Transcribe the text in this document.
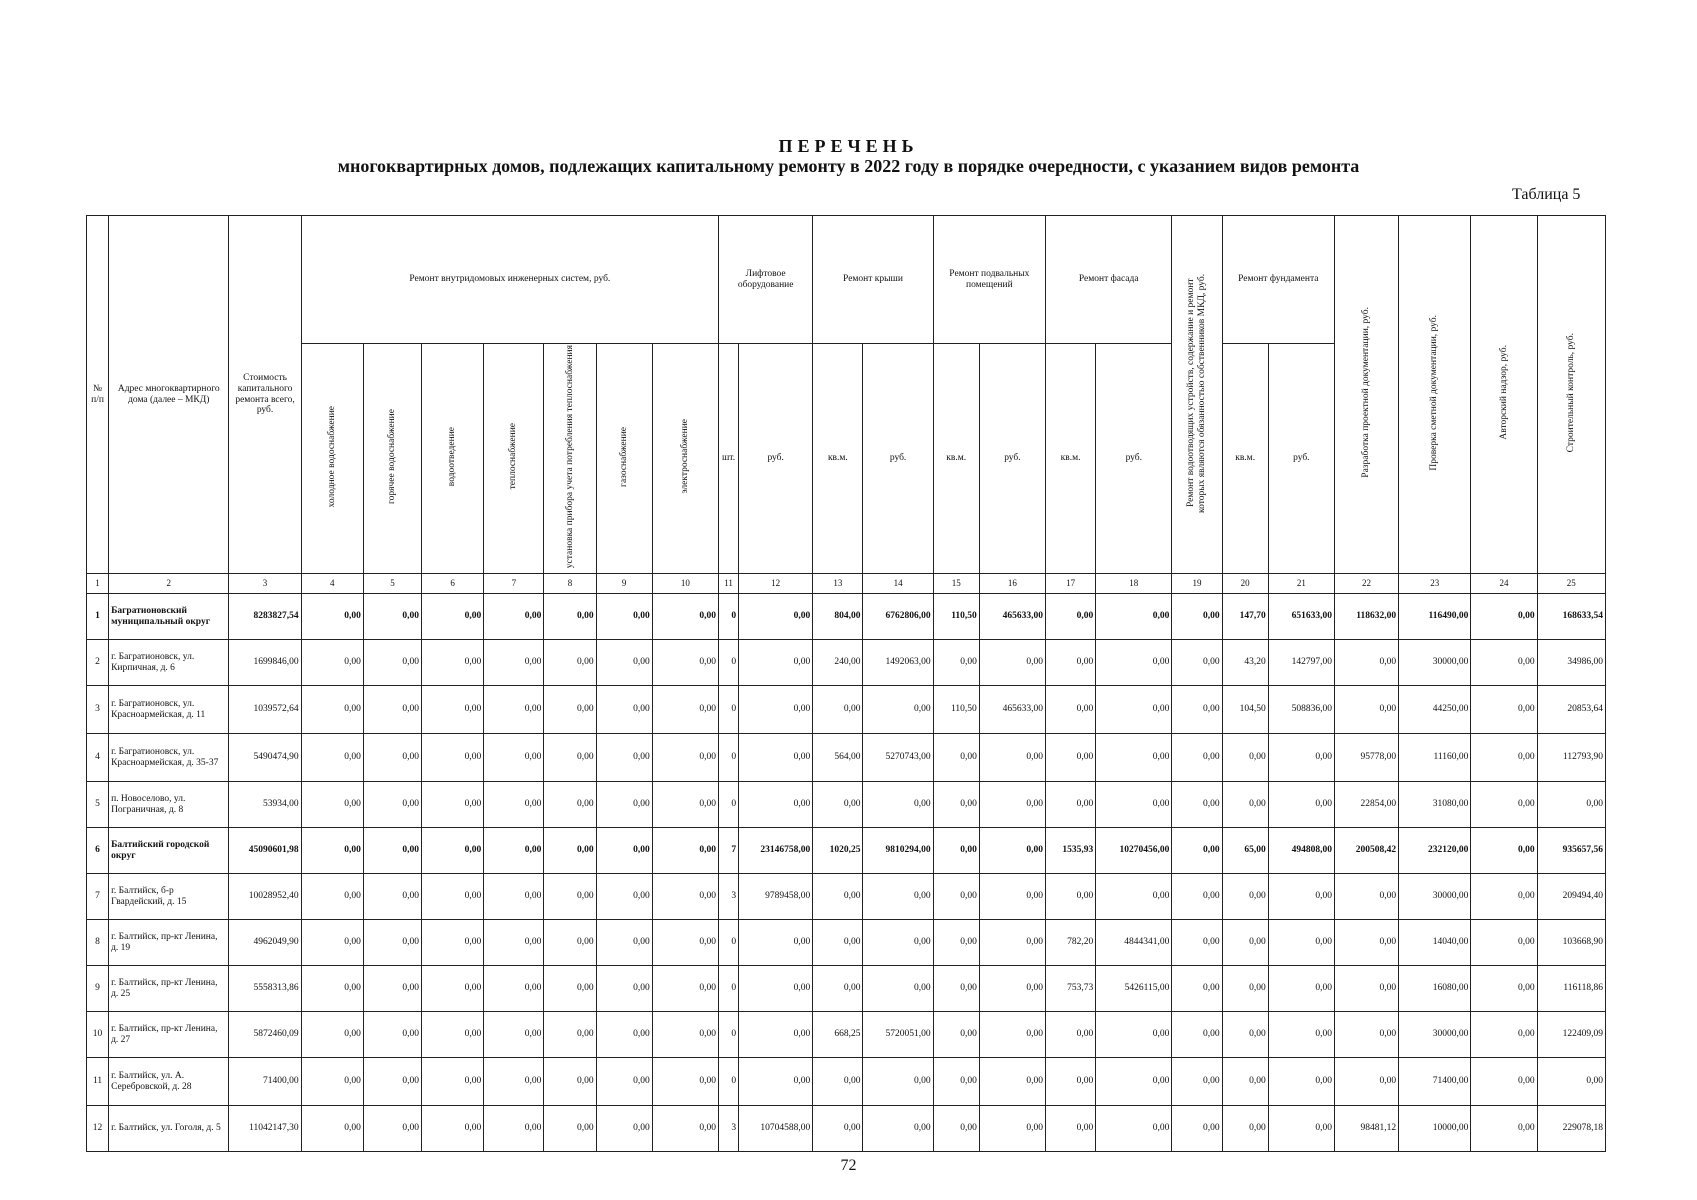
ПЕРЕЧЕНЬ
многоквартирных домов, подлежащих капитальному ремонту в 2022 году в порядке очередности, с указанием видов ремонта
Таблица 5
№ п/п	Адрес многоквартирного дома (далее – МКД)	Стоимость капитального ремонта всего, руб.	Ремонт внутридомовых инженерных систем, руб.							Лифтовое оборудование		Ремонт крыши		Ремонт подвальных помещений		Ремонт фасада		Ремонт водоотводящих устройств, содержание и ремонт которых являются обязанностью собственников МКД, руб.	Ремонт фундамента		Разработка проектной документации, руб.	Проверка сметной документации, руб.	Авторский надзор, руб.	Строительный контроль, руб.
			холодное водоснабжение	горячее водоснабжение	водоотведение	теплоснабжение	установка прибора учета потребления теплоснабжения	газоснабжение	электроснабжение	шт.	руб.	кв.м.	руб.	кв.м.	руб.	кв.м.	руб.		кв.м.	руб.				
1	2	3	4	5	6	7	8	9	10	11	12	13	14	15	16	17	18	19	20	21	22	23	24	25
1	Багратионовский муниципальный округ	8283827,54	0,00	0,00	0,00	0,00	0,00	0,00	0,00	0	0,00	804,00	6762806,00	110,50	465633,00	0,00	0,00	0,00	147,70	651633,00	118632,00	116490,00	0,00	168633,54
2	г. Багратионовск, ул. Кирпичная, д. 6	1699846,00	0,00	0,00	0,00	0,00	0,00	0,00	0,00	0	0,00	240,00	1492063,00	0,00	0,00	0,00	0,00	0,00	43,20	142797,00	0,00	30000,00	0,00	34986,00
3	г. Багратионовск, ул. Красноармейская, д. 11	1039572,64	0,00	0,00	0,00	0,00	0,00	0,00	0,00	0	0,00	0,00	0,00	110,50	465633,00	0,00	0,00	0,00	104,50	508836,00	0,00	44250,00	0,00	20853,64
4	г. Багратионовск, ул. Красноармейская, д. 35-37	5490474,90	0,00	0,00	0,00	0,00	0,00	0,00	0,00	0	0,00	564,00	5270743,00	0,00	0,00	0,00	0,00	0,00	0,00	0,00	95778,00	11160,00	0,00	112793,90
5	п. Новоселово, ул. Пограничная, д. 8	53934,00	0,00	0,00	0,00	0,00	0,00	0,00	0,00	0	0,00	0,00	0,00	0,00	0,00	0,00	0,00	0,00	0,00	0,00	22854,00	31080,00	0,00	0,00
6	Балтийский городской округ	45090601,98	0,00	0,00	0,00	0,00	0,00	0,00	0,00	7	23146758,00	1020,25	9810294,00	0,00	0,00	1535,93	10270456,00	0,00	65,00	494808,00	200508,42	232120,00	0,00	935657,56
7	г. Балтийск, б-р Гвардейский, д. 15	10028952,40	0,00	0,00	0,00	0,00	0,00	0,00	0,00	3	9789458,00	0,00	0,00	0,00	0,00	0,00	0,00	0,00	0,00	0,00	0,00	30000,00	0,00	209494,40
8	г. Балтийск, пр-кт Ленина, д. 19	4962049,90	0,00	0,00	0,00	0,00	0,00	0,00	0,00	0	0,00	0,00	0,00	0,00	0,00	782,20	4844341,00	0,00	0,00	0,00	0,00	14040,00	0,00	103668,90
9	г. Балтийск, пр-кт Ленина, д. 25	5558313,86	0,00	0,00	0,00	0,00	0,00	0,00	0,00	0	0,00	0,00	0,00	0,00	0,00	753,73	5426115,00	0,00	0,00	0,00	0,00	16080,00	0,00	116118,86
10	г. Балтийск, пр-кт Ленина, д. 27	5872460,09	0,00	0,00	0,00	0,00	0,00	0,00	0,00	0	0,00	668,25	5720051,00	0,00	0,00	0,00	0,00	0,00	0,00	0,00	0,00	30000,00	0,00	122409,09
11	г. Балтийск, ул. А. Серебровской, д. 28	71400,00	0,00	0,00	0,00	0,00	0,00	0,00	0,00	0	0,00	0,00	0,00	0,00	0,00	0,00	0,00	0,00	0,00	0,00	0,00	71400,00	0,00	0,00
12	г. Балтийск, ул. Гоголя, д. 5	11042147,30	0,00	0,00	0,00	0,00	0,00	0,00	0,00	3	10704588,00	0,00	0,00	0,00	0,00	0,00	0,00	0,00	0,00	0,00	98481,12	10000,00	0,00	229078,18
72
